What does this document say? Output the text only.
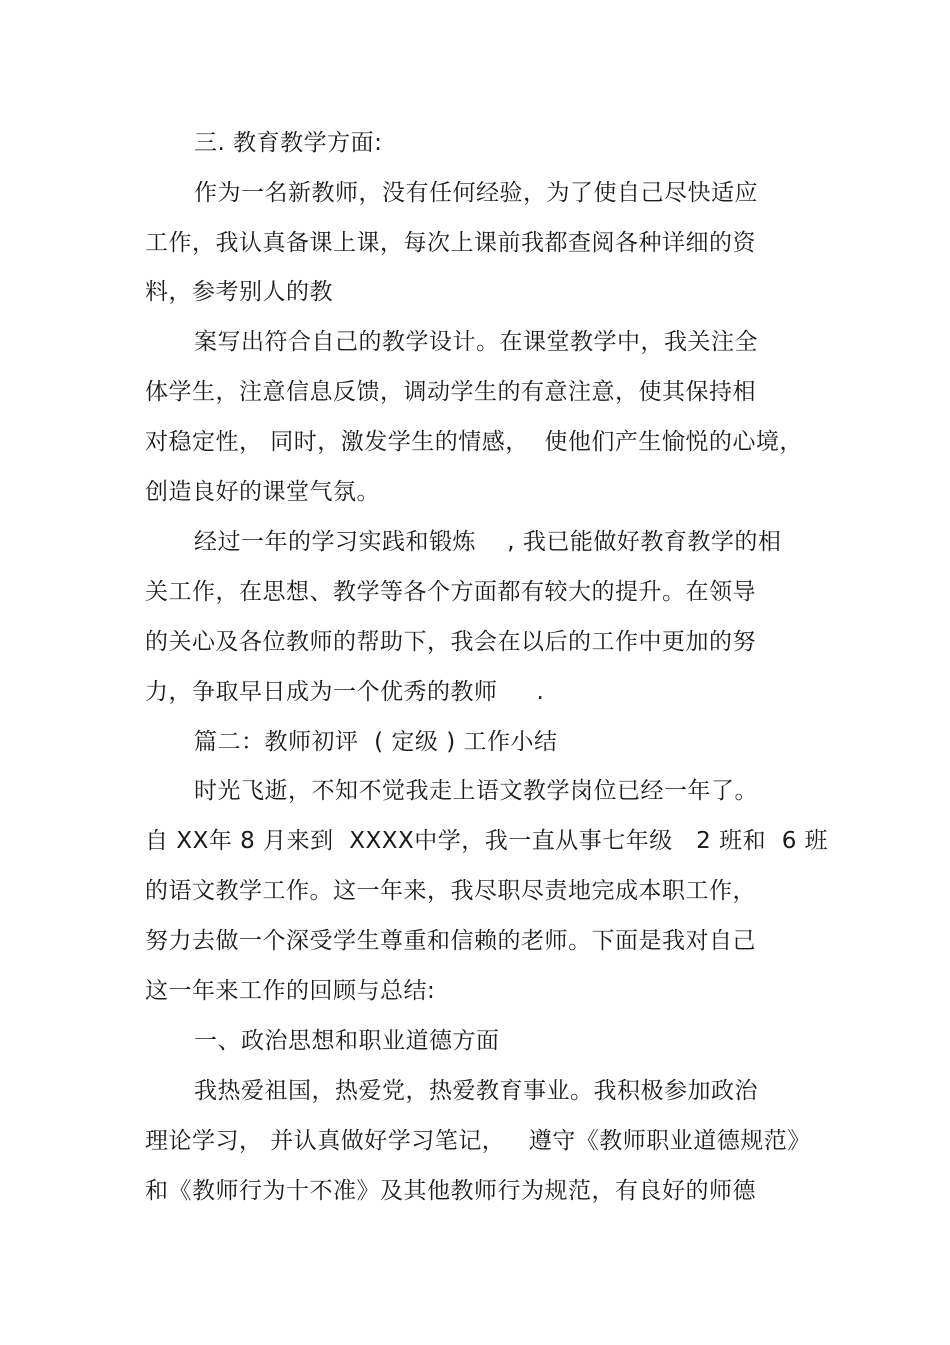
三. 教育教学方面:
作为一名新教师，没有任何经验，为了使自己尽快适应
工作，我认真备课上课，每次上课前我都查阅各种详细的资
料，参考别人的教
案写出符合自己的教学设计。在课堂教学中，我关注全
体学生，注意信息反馈，调动学生的有意注意，使其保持相
对稳定性， 同时，激发学生的情感，  使他们产生愉悦的心境，
创造良好的课堂气氛。
经过一年的学习实践和锻炼    , 我已能做好教育教学的相
关工作，在思想、教学等各个方面都有较大的提升。在领导
的关心及各位教师的帮助下，我会在以后的工作中更加的努
力，争取早日成为一个优秀的教师     .
篇二：教师初评  ( 定级 ) 工作小结
时光飞逝，不知不觉我走上语文教学岗位已经一年了。
自 XX年 8 月来到  XXXX中学，我一直从事七年级   2 班和  6 班
的语文教学工作。这一年来，我尽职尽责地完成本职工作，
努力去做一个深受学生尊重和信赖的老师。下面是我对自己
这一年来工作的回顾与总结:
一、政治思想和职业道德方面
我热爱祖国，热爱党，热爱教育事业。我积极参加政治
理论学习， 并认真做好学习笔记，   遵守《教师职业道德规范》
和《教师行为十不准》及其他教师行为规范，有良好的师德
